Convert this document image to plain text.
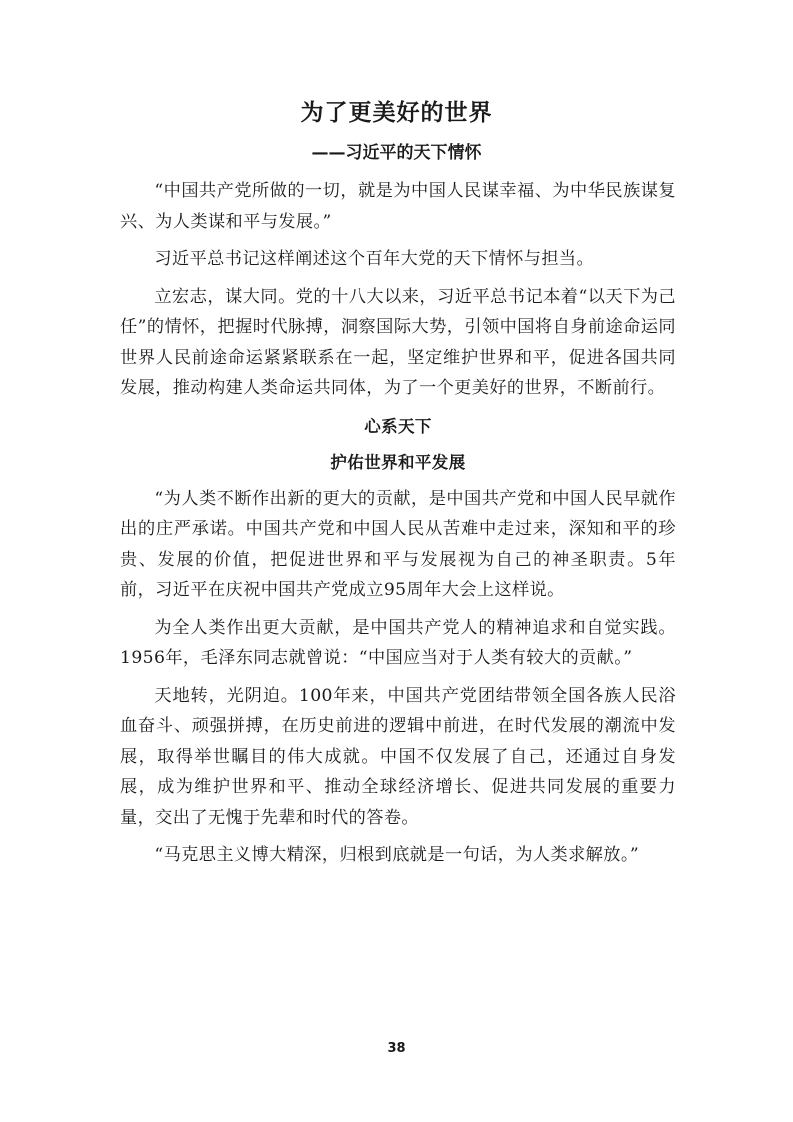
为了更美好的世界
——习近平的天下情怀

“中国共产党所做的一切，就是为中国人民谋幸福、为中华民族谋复兴、为人类谋和平与发展。”

习近平总书记这样阐述这个百年大党的天下情怀与担当。

立宏志，谋大同。党的十八大以来，习近平总书记本着“以天下为己任”的情怀，把握时代脉搏，洞察国际大势，引领中国将自身前途命运同世界人民前途命运紧紧联系在一起，坚定维护世界和平，促进各国共同发展，推动构建人类命运共同体，为了一个更美好的世界，不断前行。

心系天下
护佑世界和平发展

“为人类不断作出新的更大的贡献，是中国共产党和中国人民早就作出的庄严承诺。中国共产党和中国人民从苦难中走过来，深知和平的珍贵、发展的价值，把促进世界和平与发展视为自己的神圣职责。5年前，习近平在庆祝中国共产党成立95周年大会上这样说。

为全人类作出更大贡献，是中国共产党人的精神追求和自觉实践。1956年，毛泽东同志就曾说：“中国应当对于人类有较大的贡献。”

天地转，光阴迫。100年来，中国共产党团结带领全国各族人民浴血奋斗、顽强拼搏，在历史前进的逻辑中前进，在时代发展的潮流中发展，取得举世瞩目的伟大成就。中国不仅发展了自己，还通过自身发展，成为维护世界和平、推动全球经济增长、促进共同发展的重要力量，交出了无愧于先辈和时代的答卷。

“马克思主义博大精深，归根到底就是一句话，为人类求解放。”

38
